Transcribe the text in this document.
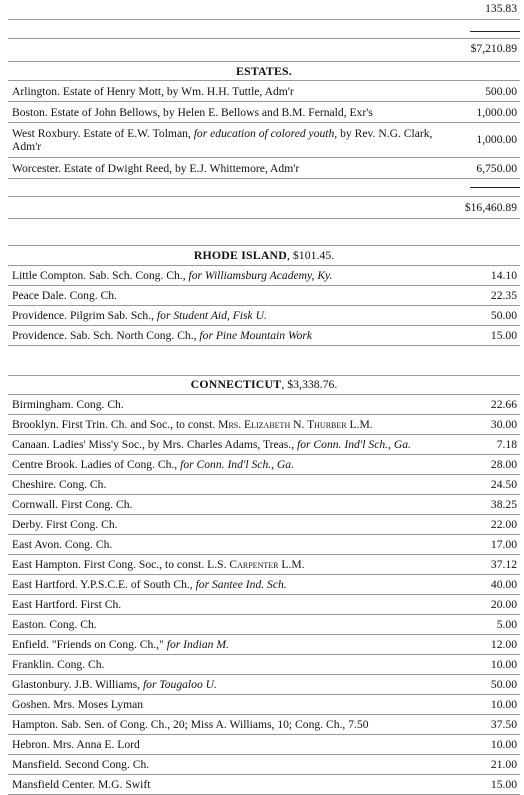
135.83
$7,210.89
ESTATES.
Arlington. Estate of Henry Mott, by Wm. H.H. Tuttle, Adm'r	500.00
Boston. Estate of John Bellows, by Helen E. Bellows and B.M. Fernald, Exr's	1,000.00
West Roxbury. Estate of E.W. Tolman, for education of colored youth, by Rev. N.G. Clark, Adm'r	1,000.00
Worcester. Estate of Dwight Reed, by E.J. Whittemore, Adm'r	6,750.00
$16,460.89
RHODE ISLAND, $101.45.
CONNECTICUT, $3,338.76.
Little Compton. Sab. Sch. Cong. Ch., for Williamsburg Academy, Ky.	14.10
Peace Dale. Cong. Ch.	22.35
Providence. Pilgrim Sab. Sch., for Student Aid, Fisk U.	50.00
Providence. Sab. Sch. North Cong. Ch., for Pine Mountain Work	15.00
Birmingham. Cong. Ch.	22.66
Brooklyn. First Trin. Ch. and Soc., to const. Mrs. Elizabeth N. Thurber L.M.	30.00
Canaan. Ladies' Miss'y Soc., by Mrs. Charles Adams, Treas., for Conn. Ind'l Sch., Ga.	7.18
Centre Brook. Ladies of Cong. Ch., for Conn. Ind'l Sch., Ga.	28.00
Cheshire. Cong. Ch.	24.50
Cornwall. First Cong. Ch.	38.25
Derby. First Cong. Ch.	22.00
East Avon. Cong. Ch.	17.00
East Hampton. First Cong. Soc., to const. L.S. Carpenter L.M.	37.12
East Hartford. Y.P.S.C.E. of South Ch., for Santee Ind. Sch.	40.00
East Hartford. First Ch.	20.00
Easton. Cong. Ch.	5.00
Enfield. "Friends on Cong. Ch.," for Indian M.	12.00
Franklin. Cong. Ch.	10.00
Glastonbury. J.B. Williams, for Tougaloo U.	50.00
Goshen. Mrs. Moses Lyman	10.00
Hampton. Sab. Sen. of Cong. Ch., 20; Miss A. Williams, 10; Cong. Ch., 7.50	37.50
Hebron. Mrs. Anna E. Lord	10.00
Mansfield. Second Cong. Ch.	21.00
Mansfield Center. M.G. Swift	15.00
